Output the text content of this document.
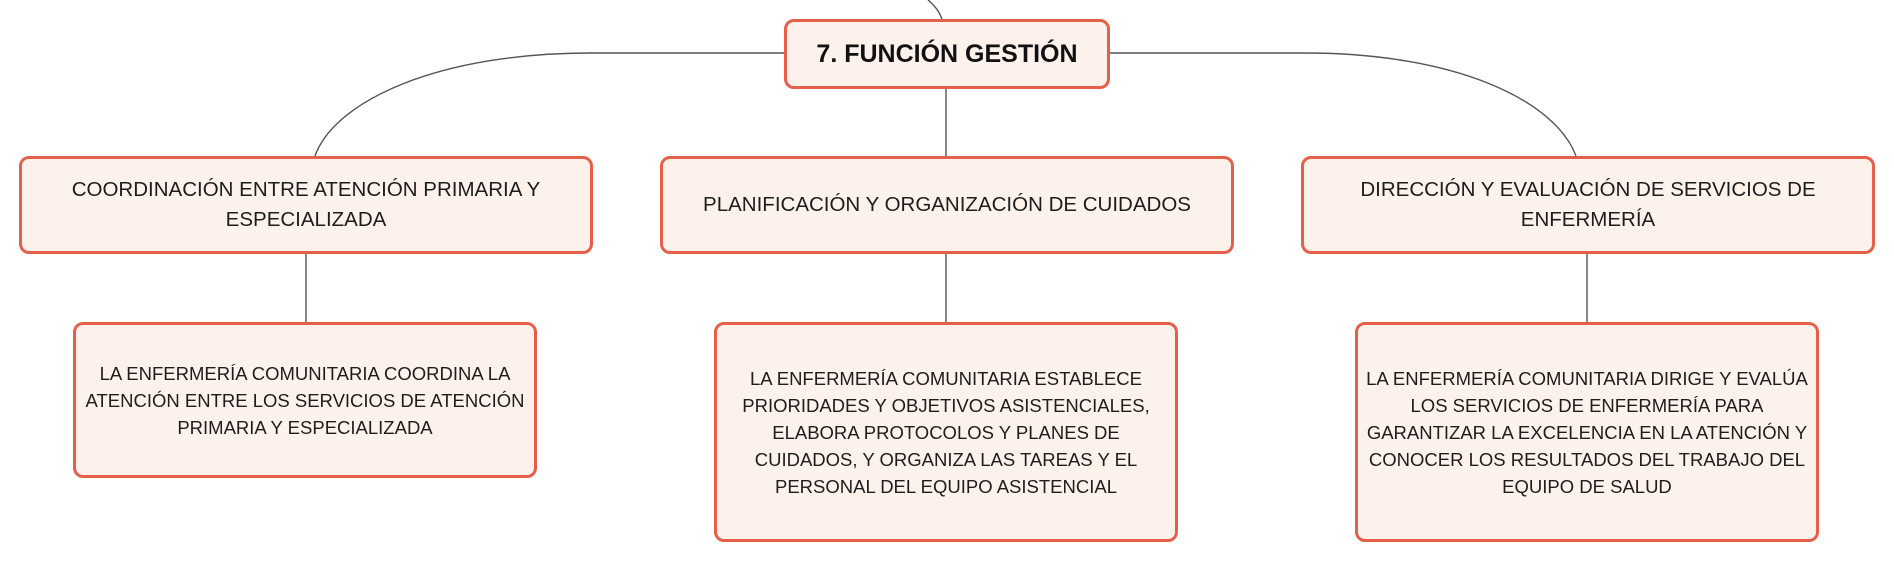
7. FUNCIÓN GESTIÓN
COORDINACIÓN ENTRE ATENCIÓN PRIMARIA Y ESPECIALIZADA
PLANIFICACIÓN Y ORGANIZACIÓN DE CUIDADOS
DIRECCIÓN Y EVALUACIÓN DE SERVICIOS DE ENFERMERÍA
LA ENFERMERÍA COMUNITARIA COORDINA LA ATENCIÓN ENTRE LOS SERVICIOS DE ATENCIÓN PRIMARIA Y ESPECIALIZADA
LA ENFERMERÍA COMUNITARIA ESTABLECE PRIORIDADES Y OBJETIVOS ASISTENCIALES, ELABORA PROTOCOLOS Y PLANES DE CUIDADOS, Y ORGANIZA LAS TAREAS Y EL PERSONAL DEL EQUIPO ASISTENCIAL
LA ENFERMERÍA COMUNITARIA DIRIGE Y EVALÚA LOS SERVICIOS DE ENFERMERÍA PARA GARANTIZAR LA EXCELENCIA EN LA ATENCIÓN Y CONOCER LOS RESULTADOS DEL TRABAJO DEL EQUIPO DE SALUD
